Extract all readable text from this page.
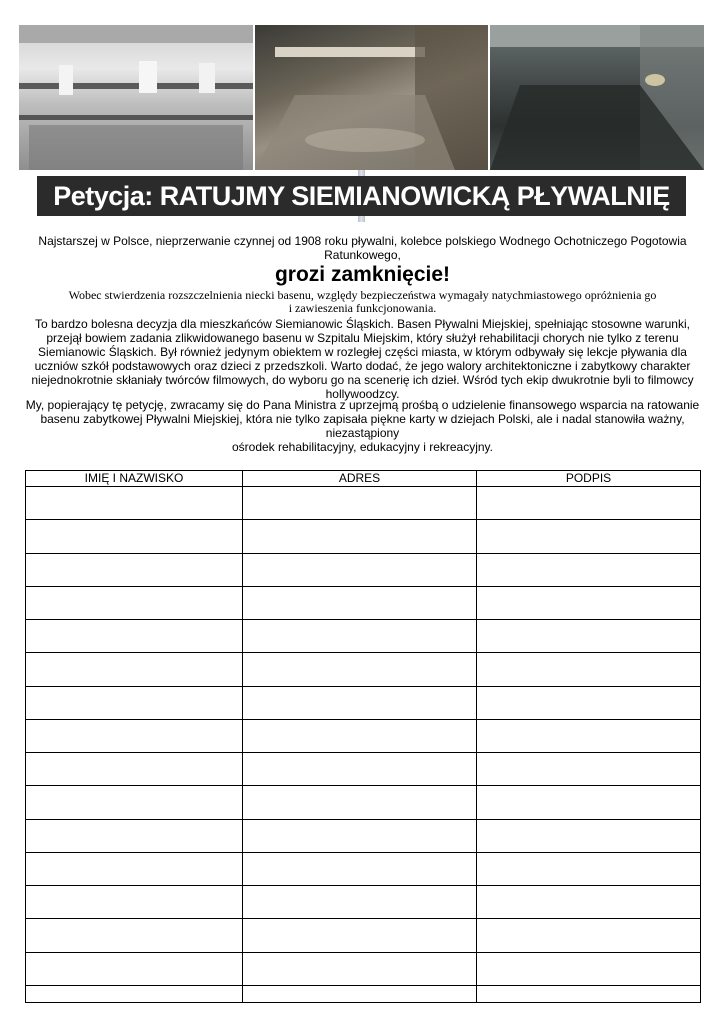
Petycja: RATUJMY SIEMIANOWICKĄ PŁYWALNIĘ
Najstarszej w Polsce, nieprzerwanie czynnej od 1908 roku pływalni, kolebce polskiego Wodnego Ochotniczego Pogotowia Ratunkowego,
grozi zamknięcie!
Wobec stwierdzenia rozszczelnienia niecki basenu, względy bezpieczeństwa wymagały natychmiastowego opróżnienia go
i zawieszenia funkcjonowania.
To bardzo bolesna decyzja dla mieszkańców Siemianowic Śląskich. Basen Pływalni Miejskiej, spełniając stosowne warunki, przejął bowiem zadania zlikwidowanego basenu w Szpitalu Miejskim, który służył rehabilitacji chorych nie tylko z terenu Siemianowic Śląskich. Był również jedynym obiektem w rozległej części miasta, w którym odbywały się lekcje pływania dla uczniów szkół podstawowych oraz dzieci z przedszkoli. Warto dodać, że jego walory architektoniczne i zabytkowy charakter niejednokrotnie skłaniały twórców filmowych, do wyboru go na scenerię ich dzieł. Wśród tych ekip dwukrotnie byli to filmowcy hollywoodzcy.
My, popierający tę petycję, zwracamy się do Pana Ministra z uprzejmą prośbą o udzielenie finansowego wsparcia na ratowanie basenu zabytkowej Pływalni Miejskiej, która nie tylko zapisała piękne karty w dziejach Polski, ale i nadal stanowiła ważny, niezastąpiony
ośrodek rehabilitacyjny, edukacyjny i rekreacyjny.
IMIĘ I NAZWISKO	ADRES	PODPIS
